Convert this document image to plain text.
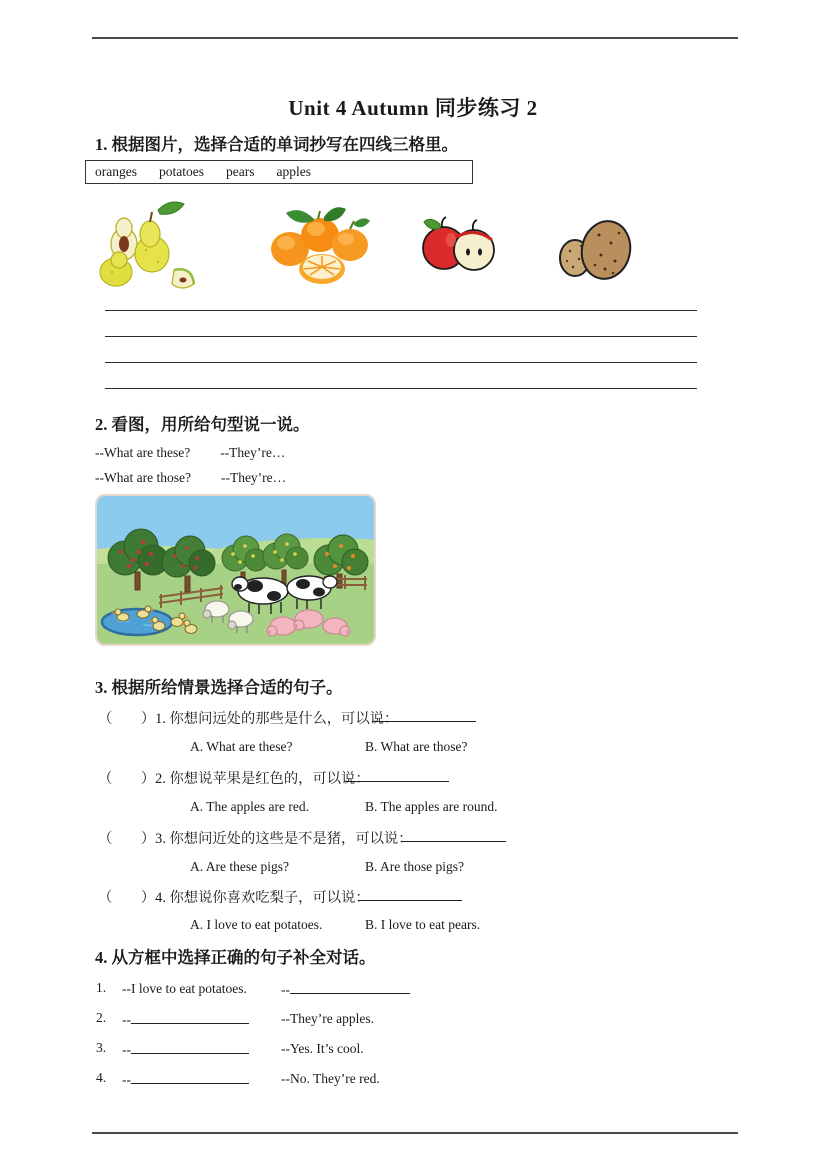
Unit 4 Autumn 同步练习 2
1. 根据图片，选择合适的单词抄写在四线三格里。
oranges potatoes pears apples
2. 看图，用所给句型说一说。
--What are these? --They’re…
--What are those? --They’re…
3. 根据所给情景选择合适的句子。
（　　）1. 你想问远处的那些是什么，可以说：
A. What are these?	B. What are those?
（　　）2. 你想说苹果是红色的，可以说：
A. The apples are red.	B. The apples are round.
（　　）3. 你想问近处的这些是不是猪，可以说：
A. Are these pigs?	B. Are those pigs?
（　　）4. 你想说你喜欢吃梨子，可以说：
A. I love to eat potatoes.	B. I love to eat pears.
4. 从方框中选择正确的句子补全对话。
1. --I love to eat potatoes.	--
2. --	--They’re apples.
3. --	--Yes. It’s cool.
4. --	--No. They’re red.
